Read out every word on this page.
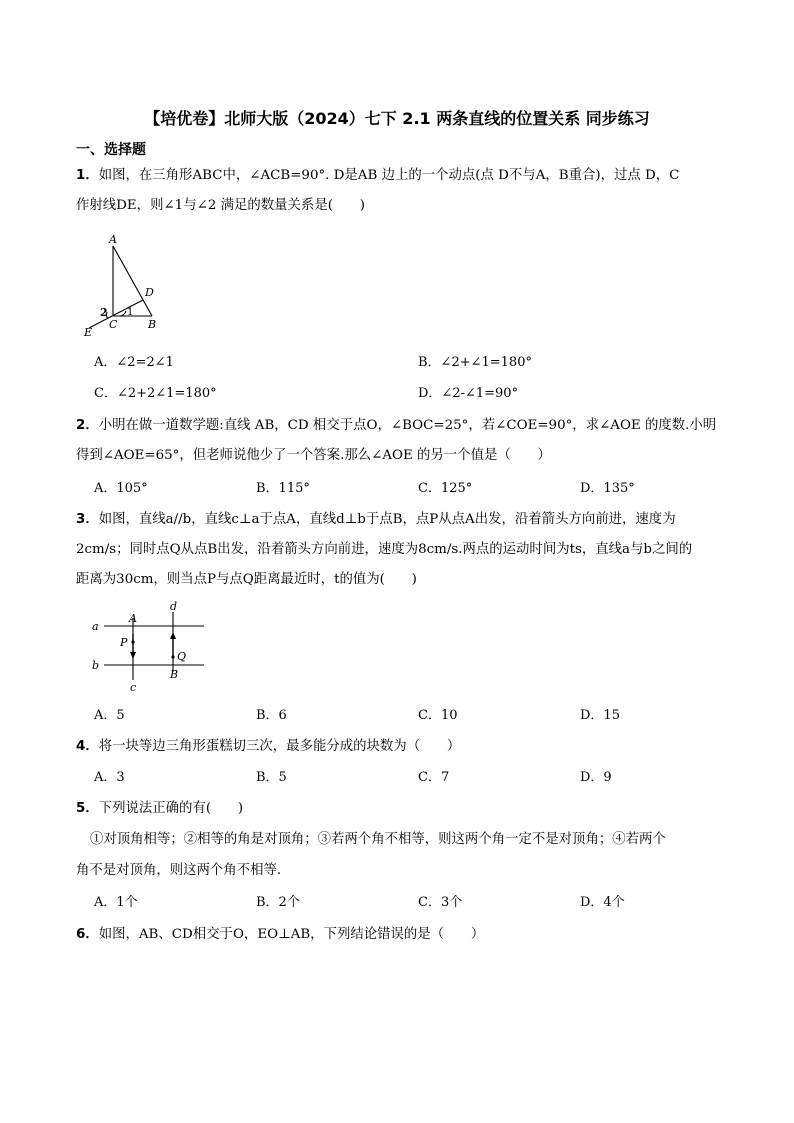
【培优卷】北师大版（2024）七下 2.1 两条直线的位置关系 同步练习
一、选择题
1．如图，在三角形ABC中，∠ACB=90°. D是AB 边上的一个动点(点 D不与A，B重合)，过点 D，C
作射线DE，则∠1与∠2 满足的数量关系是(　　)
A
D
2
C
1
B
E
A．∠2=2∠1	B．∠2+∠1=180°
C．∠2+2∠1=180°	D．∠2-∠1=90°
2．小明在做一道数学题:直线 AB，CD 相交于点O，∠BOC=25°，若∠COE=90°，求∠AOE 的度数.小明
得到∠AOE=65°，但老师说他少了一个答案.那么∠AOE 的另一个值是（　　）
A．105°	B．115°	C．125°	D．135°
3．如图，直线a//b，直线c⊥a于点A，直线d⊥b于点B，点P从点A出发，沿着箭头方向前进，速度为
2cm/s；同时点Q从点B出发，沿着箭头方向前进，速度为8cm/s.两点的运动时间为ts，直线a与b之间的
距离为30cm，则当点P与点Q距离最近时，t的值为(　　)
d
a
A
P
Q
b
B
c
A．5	B．6	C．10	D．15
4．将一块等边三角形蛋糕切三次，最多能分成的块数为（　　）
A．3	B．5	C．7	D．9
5．下列说法正确的有(　　)
①对顶角相等；②相等的角是对顶角；③若两个角不相等，则这两个角一定不是对顶角；④若两个
角不是对顶角，则这两个角不相等.
A．1个	B．2个	C．3个	D．4个
6．如图，AB、CD相交于O，EO⊥AB，下列结论错误的是（　　）
